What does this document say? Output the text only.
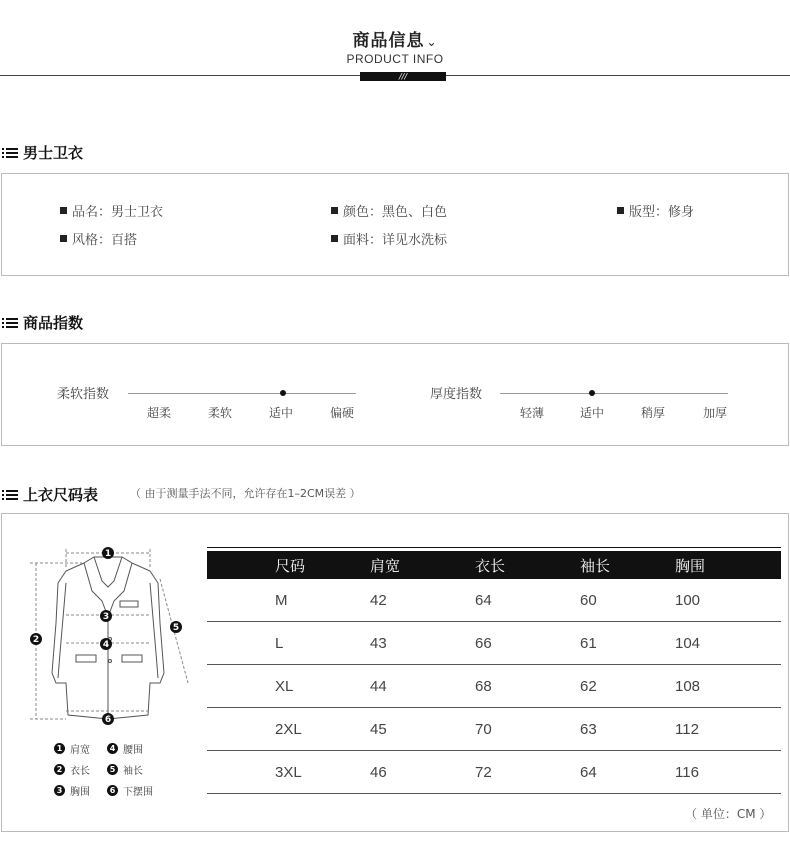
商品信息 ⌄
PRODUCT INFO
///
男士卫衣
品名： 男士卫衣	颜色： 黑色、白色	版型： 修身
风格： 百搭	面料： 详见水洗标
商品指数
柔软指数
超柔	柔软	适中	偏硬
厚度指数
轻薄	适中	稍厚	加厚
上衣尺码表	（ 由于测量手法不同，允许存在1–2CM误差 ）
1
2
3
4
5
6
1 肩宽	4 腰围
2 衣长	5 袖长
3 胸围	6 下摆围
尺码	肩宽	衣长	袖长	胸围
M	42	64	60	100
L	43	66	61	104
XL	44	68	62	108
2XL	45	70	63	112
3XL	46	72	64	116
（ 单位：CM ）
